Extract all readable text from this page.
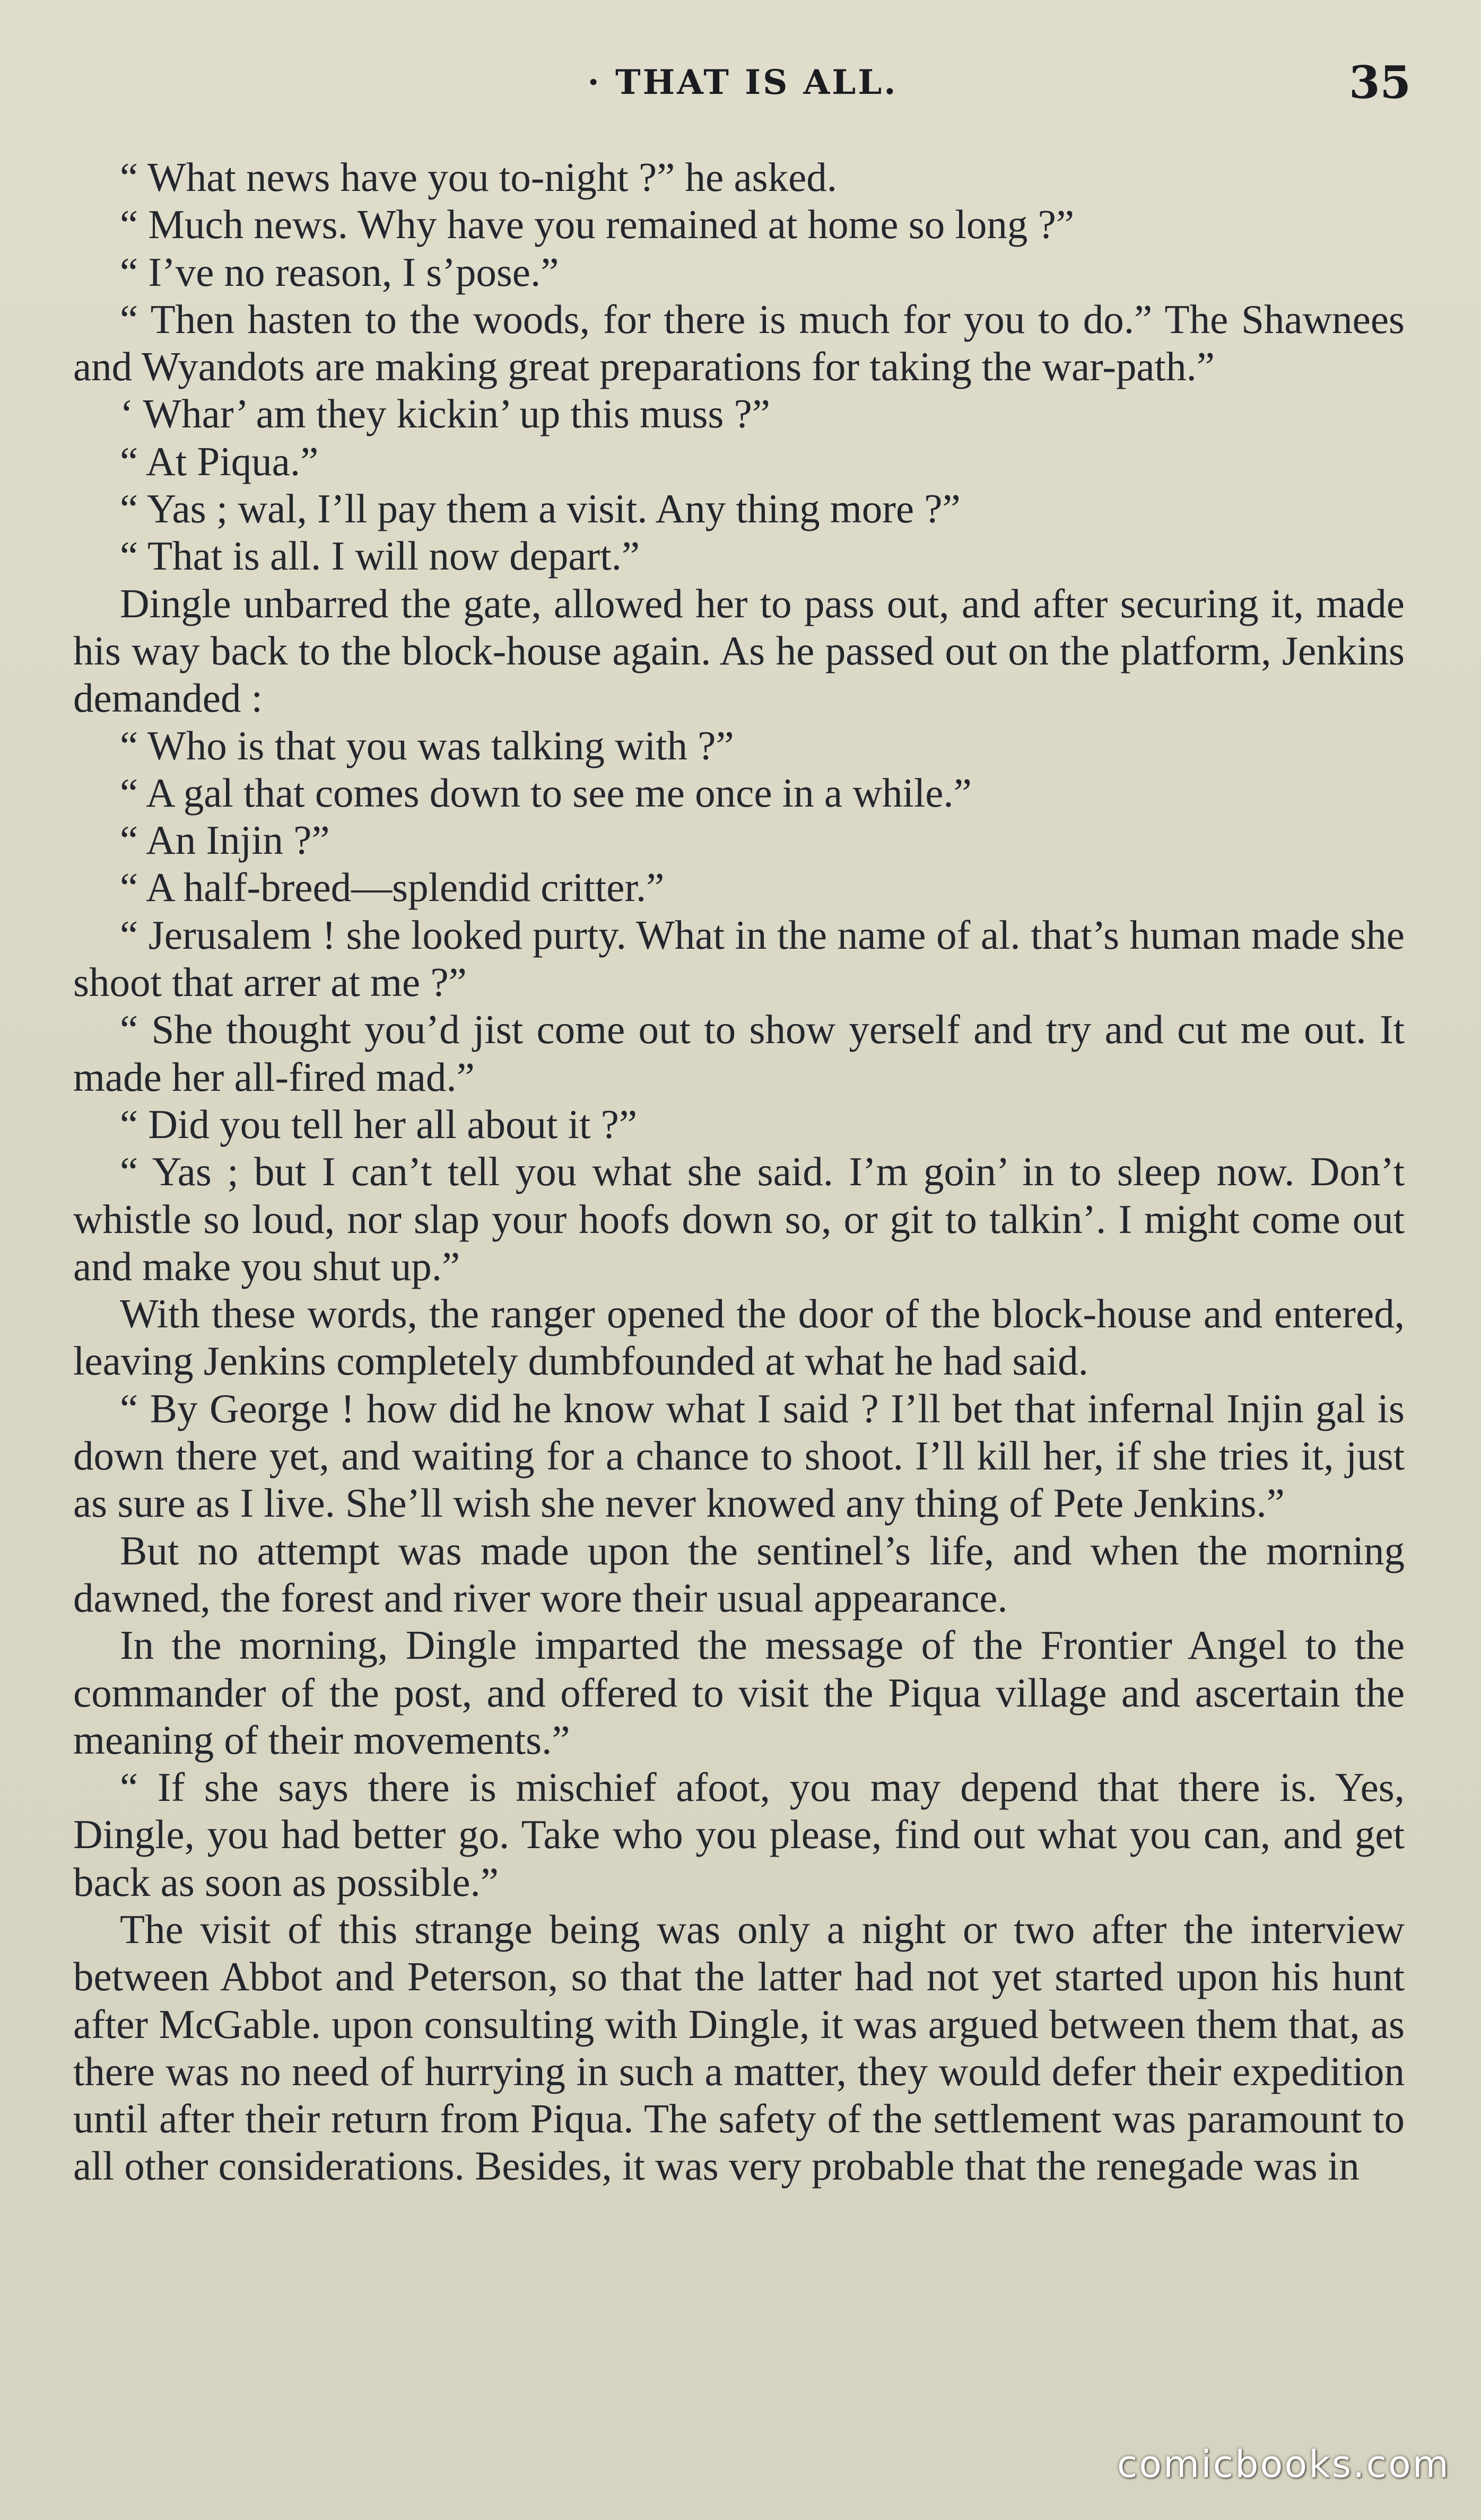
· THAT IS ALL.	35

“ What news have you to-night ?” he asked.

“ Much news. Why have you remained at home so long ?”

“ I’ve no reason, I s’pose.”

“ Then hasten to the woods, for there is much for you to do.” The Shawnees and Wyandots are making great preparations for taking the war-path.”

‘ Whar’ am they kickin’ up this muss ?”

“ At Piqua.”

“ Yas ; wal, I’ll pay them a visit. Any thing more ?”

“ That is all. I will now depart.”

Dingle unbarred the gate, allowed her to pass out, and after securing it, made his way back to the block-house again. As he passed out on the platform, Jenkins demanded :

“ Who is that you was talking with ?”

“ A gal that comes down to see me once in a while.”

“ An Injin ?”

“ A half-breed—splendid critter.”

“ Jerusalem ! she looked purty. What in the name of al. that’s human made she shoot that arrer at me ?”

“ She thought you’d jist come out to show yerself and try and cut me out. It made her all-fired mad.”

“ Did you tell her all about it ?”

“ Yas ; but I can’t tell you what she said. I’m goin’ in to sleep now. Don’t whistle so loud, nor slap your hoofs down so, or git to talkin’. I might come out and make you shut up.”

With these words, the ranger opened the door of the block-house and entered, leaving Jenkins completely dumbfounded at what he had said.

“ By George ! how did he know what I said ? I’ll bet that infernal Injin gal is down there yet, and waiting for a chance to shoot. I’ll kill her, if she tries it, just as sure as I live. She’ll wish she never knowed any thing of Pete Jenkins.”

But no attempt was made upon the sentinel’s life, and when the morning dawned, the forest and river wore their usual appearance.

In the morning, Dingle imparted the message of the Frontier Angel to the commander of the post, and offered to visit the Piqua village and ascertain the meaning of their movements.”

“ If she says there is mischief afoot, you may depend that there is. Yes, Dingle, you had better go. Take who you please, find out what you can, and get back as soon as possible.”

The visit of this strange being was only a night or two after the interview between Abbot and Peterson, so that the latter had not yet started upon his hunt after McGable. upon consulting with Dingle, it was argued between them that, as there was no need of hurrying in such a matter, they would defer their expedition until after their return from Piqua. The safety of the settlement was paramount to all other considerations. Besides, it was very probable that the renegade was in

comicbooks.com
